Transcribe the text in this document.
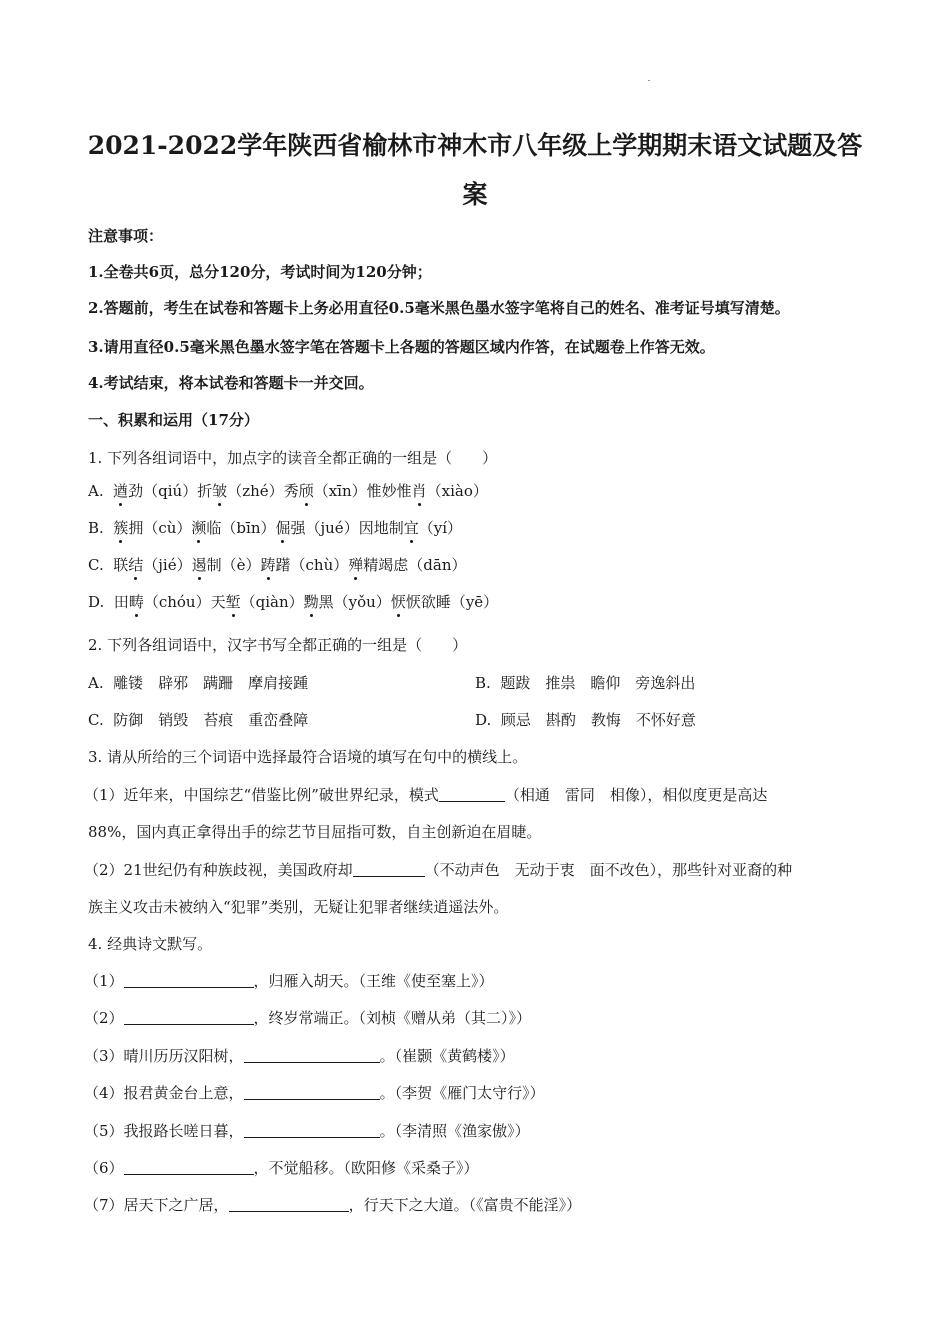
2021-2022学年陕西省榆林市神木市八年级上学期期末语文试题及答
案
注意事项：
1.全卷共6页，总分120分，考试时间为120分钟；
2.答题前，考生在试卷和答题卡上务必用直径0.5毫米黑色墨水签字笔将自己的姓名、准考证号填写清楚。
3.请用直径0.5毫米黑色墨水签字笔在答题卡上各题的答题区域内作答，在试题卷上作答无效。
4.考试结束，将本试卷和答题卡一并交回。
一、积累和运用（17分）
1. 下列各组词语中，加点字的读音全都正确的一组是（　　）
A.  遒劲（qiú）折皱（zhé）秀颀（xīn）惟妙惟肖（xiào）
B.  簇拥（cù）濒临（bīn）倔强（jué）因地制宜（yí）
C.  联结（jié）遏制（è）踌躇（chù）殚精竭虑（dān）
D.  田畴（chóu）天堑（qiàn）黝黑（yǒu）恹恹欲睡（yē）
2. 下列各组词语中，汉字书写全都正确的一组是（　　）
A. 雕镂　辟邪　蹒跚　摩肩接踵	B. 题跋　推祟　瞻仰　旁逸斜出
C. 防御　销毁　苔痕　重峦叠障	D. 顾忌　斟酌　教悔　不怀好意
3. 请从所给的三个词语中选择最符合语境的填写在句中的横线上。
（1）近年来，中国综艺“借鉴比例”破世界纪录，模式	（相通　雷同　相像），相似度更是高达
88%，国内真正拿得出手的综艺节目屈指可数，自主创新迫在眉睫。
（2）21世纪仍有种族歧视，美国政府却	（不动声色　无动于衷　面不改色），那些针对亚裔的种
族主义攻击未被纳入“犯罪”类别，无疑让犯罪者继续逍遥法外。
4. 经典诗文默写。
（1）	，归雁入胡天。（王维《使至塞上》）
（2）	，终岁常端正。（刘桢《赠从弟（其二）》）
（3）晴川历历汉阳树，	。（崔颢《黄鹤楼》）
（4）报君黄金台上意，	。（李贺《雁门太守行》）
（5）我报路长嗟日暮，	。（李清照《渔家傲》）
（6）	，不觉船移。（欧阳修《采桑子》）
（7）居天下之广居，	，行天下之大道。（《富贵不能淫》）
